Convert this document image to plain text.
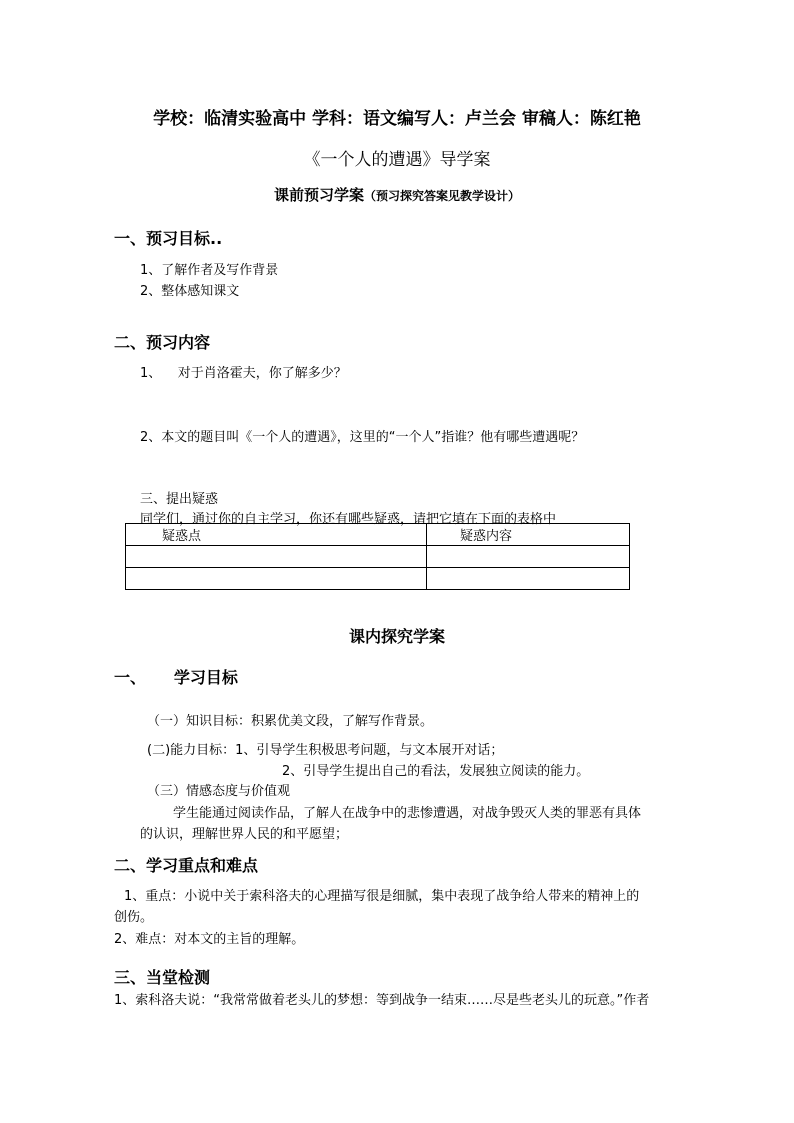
学校：临清实验高中 学科：语文编写人：卢兰会 审稿人：陈红艳
《一个人的遭遇》导学案
课前预习学案（预习探究答案见教学设计）
一、预习目标..
1、了解作者及写作背景
2、整体感知课文
二、预习内容
1、    对于肖洛霍夫，你了解多少？
2、本文的题目叫《一个人的遭遇》，这里的“一个人”指谁？他有哪些遭遇呢？
三、提出疑惑
同学们，通过你的自主学习，你还有哪些疑惑，请把它填在下面的表格中
疑惑点	疑惑内容

课内探究学案
一、     学习目标
（一）知识目标：积累优美文段，了解写作背景。
(二)能力目标：1、引导学生积极思考问题，与文本展开对话；
2、引导学生提出自己的看法，发展独立阅读的能力。
（三）情感态度与价值观
学生能通过阅读作品，了解人在战争中的悲惨遭遇，对战争毁灭人类的罪恶有具体
的认识，理解世界人民的和平愿望；
二、学习重点和难点
1、重点：小说中关于索科洛夫的心理描写很是细腻，集中表现了战争给人带来的精神上的
创伤。
2、难点：对本文的主旨的理解。
三、当堂检测
1、索科洛夫说：“我常常做着老头儿的梦想：等到战争一结束……尽是些老头儿的玩意。”作者
